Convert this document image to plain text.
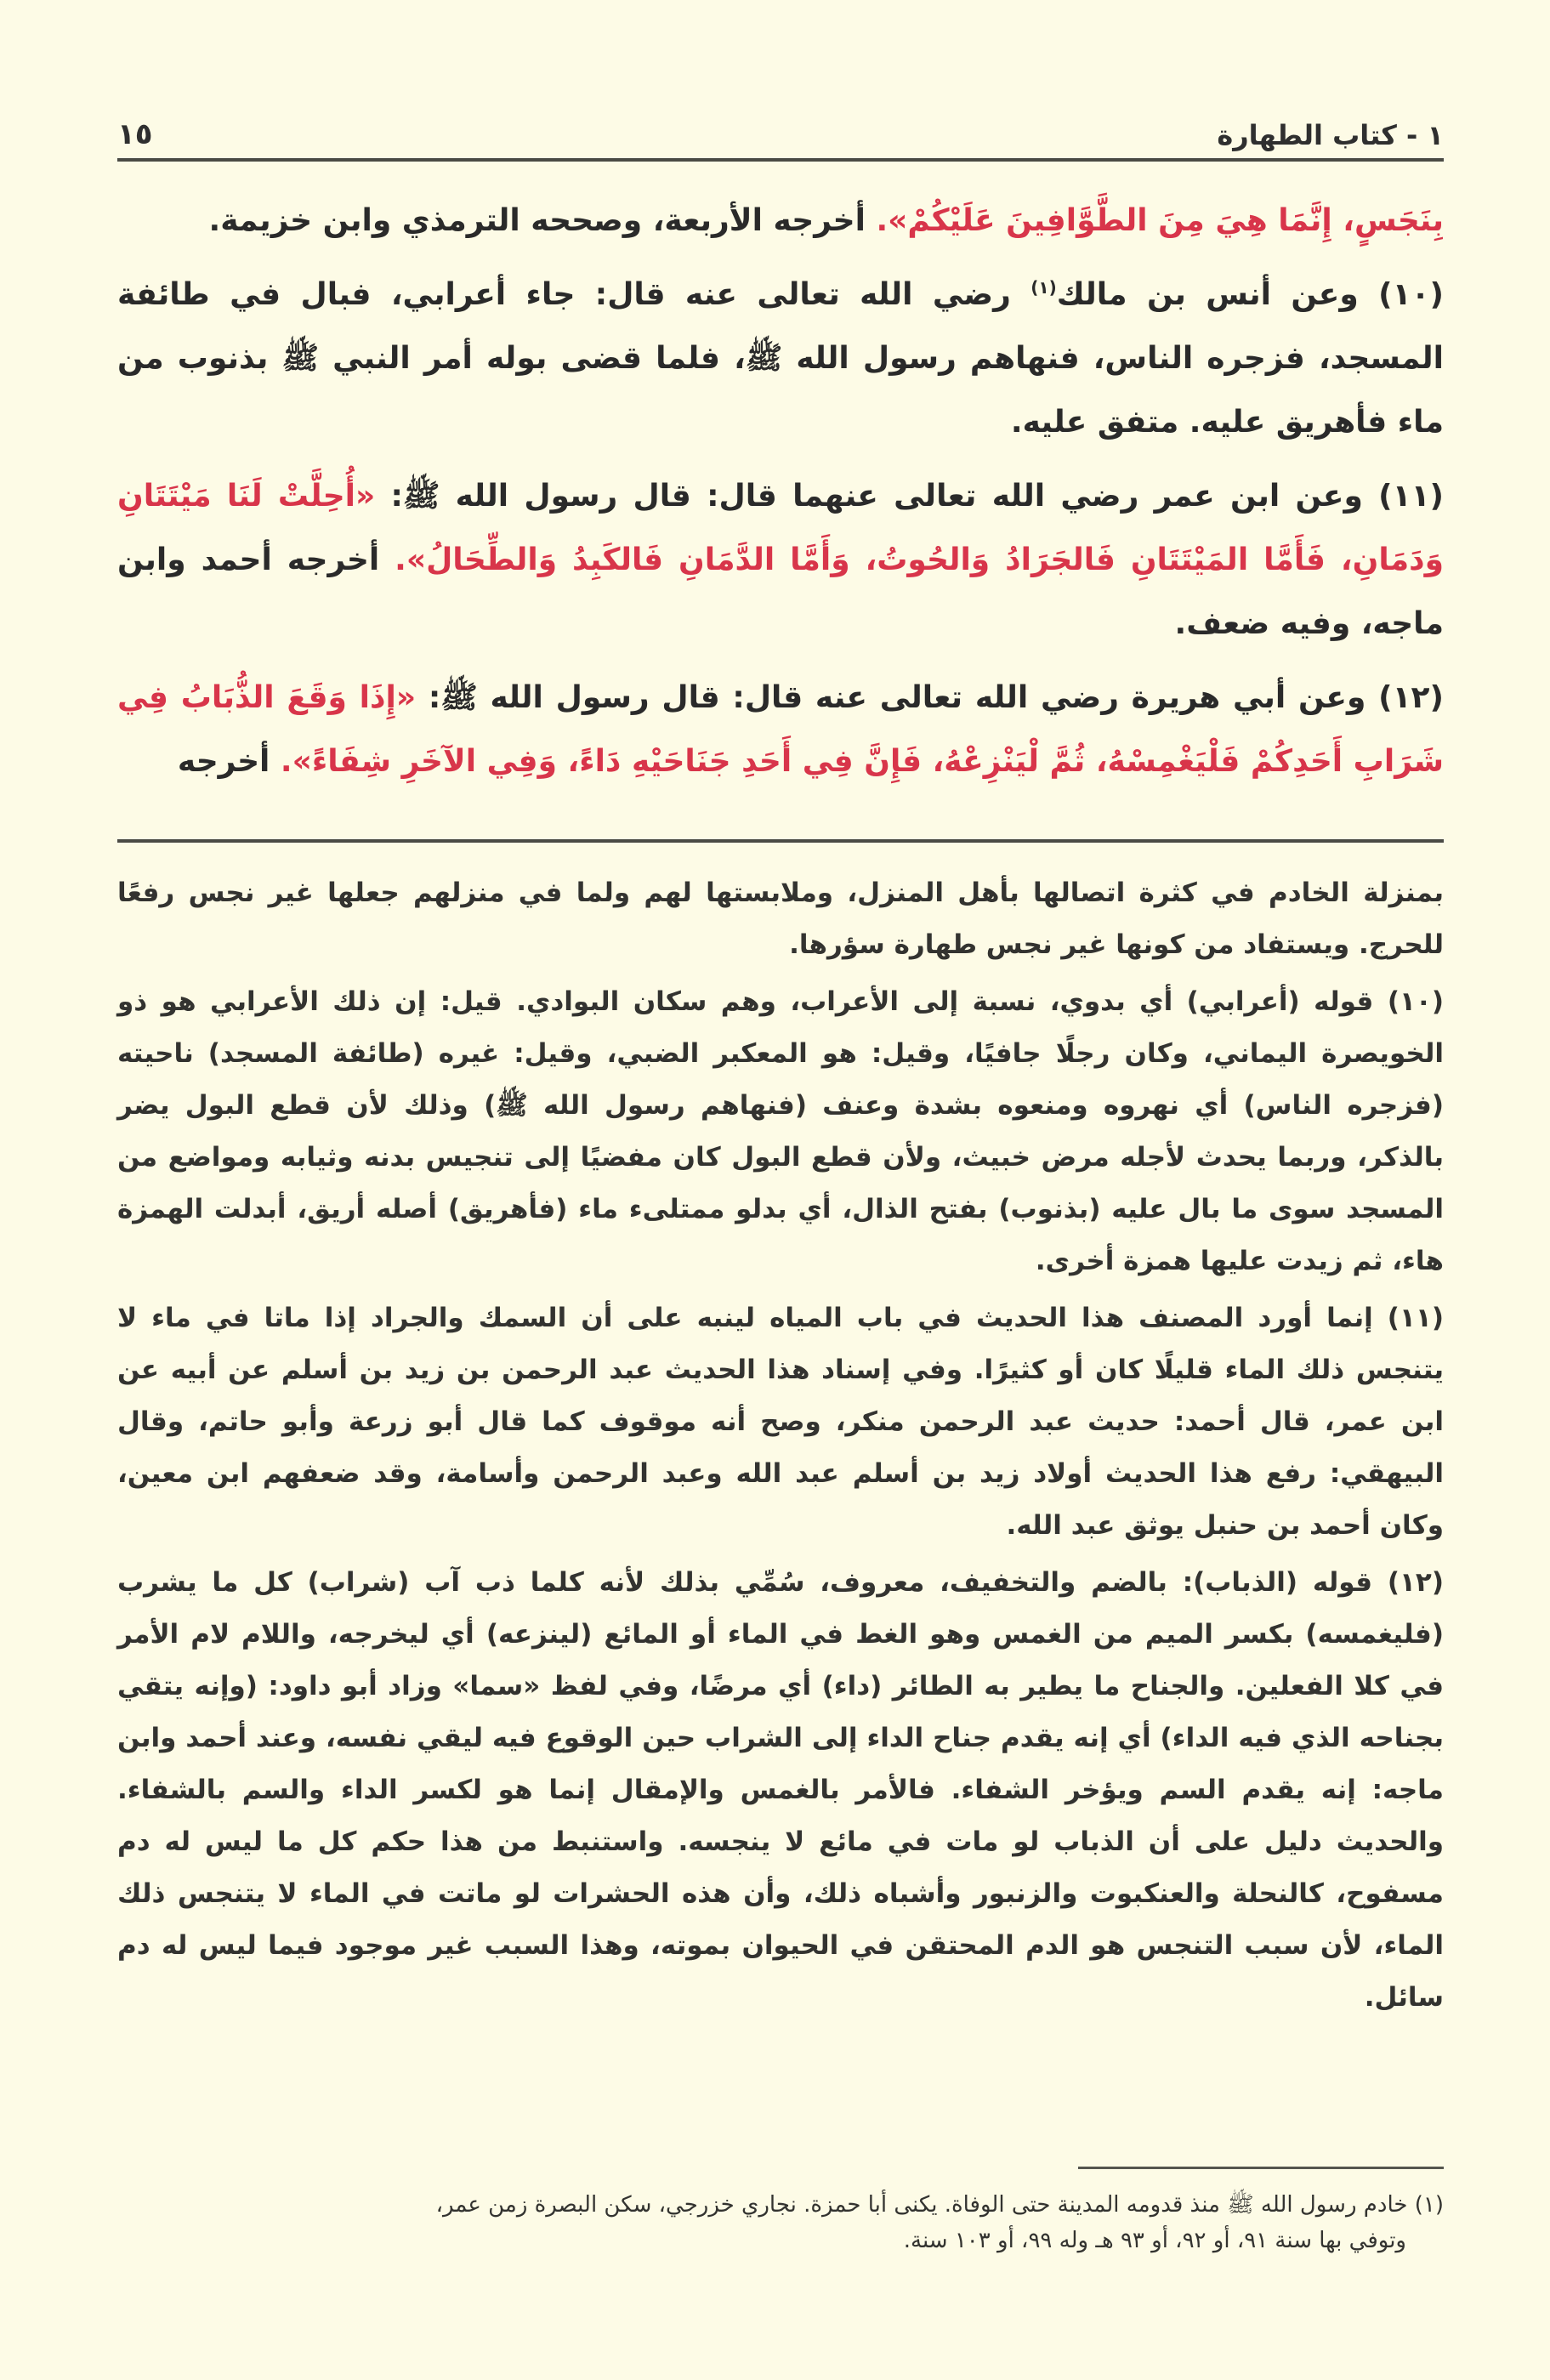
١ - كتاب الطهارة
١٥

بِنَجَسٍ، إِنَّمَا هِيَ مِنَ الطَّوَّافِينَ عَلَيْكُمْ». أخرجه الأربعة، وصححه الترمذي وابن خزيمة.

(١٠) وعن أنس بن مالك$^{(١)}$ رضي الله تعالى عنه قال: جاء أعرابي، فبال في طائفة المسجد، فزجره الناس، فنهاهم رسول الله ﷺ، فلما قضى بوله أمر النبي ﷺ بذنوب من ماء فأهريق عليه. متفق عليه.

(١١) وعن ابن عمر رضي الله تعالى عنهما قال: قال رسول الله ﷺ: «أُحِلَّتْ لَنَا مَيْتَتَانِ وَدَمَانِ، فَأَمَّا المَيْتَتَانِ فَالجَرَادُ وَالحُوتُ، وَأَمَّا الدَّمَانِ فَالكَبِدُ وَالطِّحَالُ». أخرجه أحمد وابن ماجه، وفيه ضعف.

(١٢) وعن أبي هريرة رضي الله تعالى عنه قال: قال رسول الله ﷺ: «إِذَا وَقَعَ الذُّبَابُ فِي شَرَابِ أَحَدِكُمْ فَلْيَغْمِسْهُ، ثُمَّ لْيَنْزِعْهُ، فَإِنَّ فِي أَحَدِ جَنَاحَيْهِ دَاءً، وَفِي الآخَرِ شِفَاءً». أخرجه

بمنزلة الخادم في كثرة اتصالها بأهل المنزل، وملابستها لهم ولما في منزلهم جعلها غير نجس رفعًا للحرج. ويستفاد من كونها غير نجس طهارة سؤرها.

(١٠) قوله (أعرابي) أي بدوي، نسبة إلى الأعراب، وهم سكان البوادي. قيل: إن ذلك الأعرابي هو ذو الخويصرة اليماني، وكان رجلًا جافيًا، وقيل: هو المعكبر الضبي، وقيل: غيره (طائفة المسجد) ناحيته (فزجره الناس) أي نهروه ومنعوه بشدة وعنف (فنهاهم رسول الله ﷺ) وذلك لأن قطع البول يضر بالذكر، وربما يحدث لأجله مرض خبيث، ولأن قطع البول كان مفضيًا إلى تنجيس بدنه وثيابه ومواضع من المسجد سوى ما بال عليه (بذنوب) بفتح الذال، أي بدلو ممتلىء ماء (فأهريق) أصله أريق، أبدلت الهمزة هاء، ثم زيدت عليها همزة أخرى.

(١١) إنما أورد المصنف هذا الحديث في باب المياه لينبه على أن السمك والجراد إذا ماتا في ماء لا يتنجس ذلك الماء قليلًا كان أو كثيرًا. وفي إسناد هذا الحديث عبد الرحمن بن زيد بن أسلم عن أبيه عن ابن عمر، قال أحمد: حديث عبد الرحمن منكر، وصح أنه موقوف كما قال أبو زرعة وأبو حاتم، وقال البيهقي: رفع هذا الحديث أولاد زيد بن أسلم عبد الله وعبد الرحمن وأسامة، وقد ضعفهم ابن معين، وكان أحمد بن حنبل يوثق عبد الله.

(١٢) قوله (الذباب): بالضم والتخفيف، معروف، سُمِّي بذلك لأنه كلما ذب آب (شراب) كل ما يشرب (فليغمسه) بكسر الميم من الغمس وهو الغط في الماء أو المائع (لينزعه) أي ليخرجه، واللام لام الأمر في كلا الفعلين. والجناح ما يطير به الطائر (داء) أي مرضًا، وفي لفظ «سما» وزاد أبو داود: (وإنه يتقي بجناحه الذي فيه الداء) أي إنه يقدم جناح الداء إلى الشراب حين الوقوع فيه ليقي نفسه، وعند أحمد وابن ماجه: إنه يقدم السم ويؤخر الشفاء. فالأمر بالغمس والإمقال إنما هو لكسر الداء والسم بالشفاء. والحديث دليل على أن الذباب لو مات في مائع لا ينجسه. واستنبط من هذا حكم كل ما ليس له دم مسفوح، كالنحلة والعنكبوت والزنبور وأشباه ذلك، وأن هذه الحشرات لو ماتت في الماء لا يتنجس ذلك الماء، لأن سبب التنجس هو الدم المحتقن في الحيوان بموته، وهذا السبب غير موجود فيما ليس له دم سائل.

(١) خادم رسول الله ﷺ منذ قدومه المدينة حتى الوفاة. يكنى أبا حمزة. نجاري خزرجي، سكن البصرة زمن عمر،

وتوفي بها سنة ٩١، أو ٩٢، أو ٩٣ هـ وله ٩٩، أو ١٠٣ سنة.
